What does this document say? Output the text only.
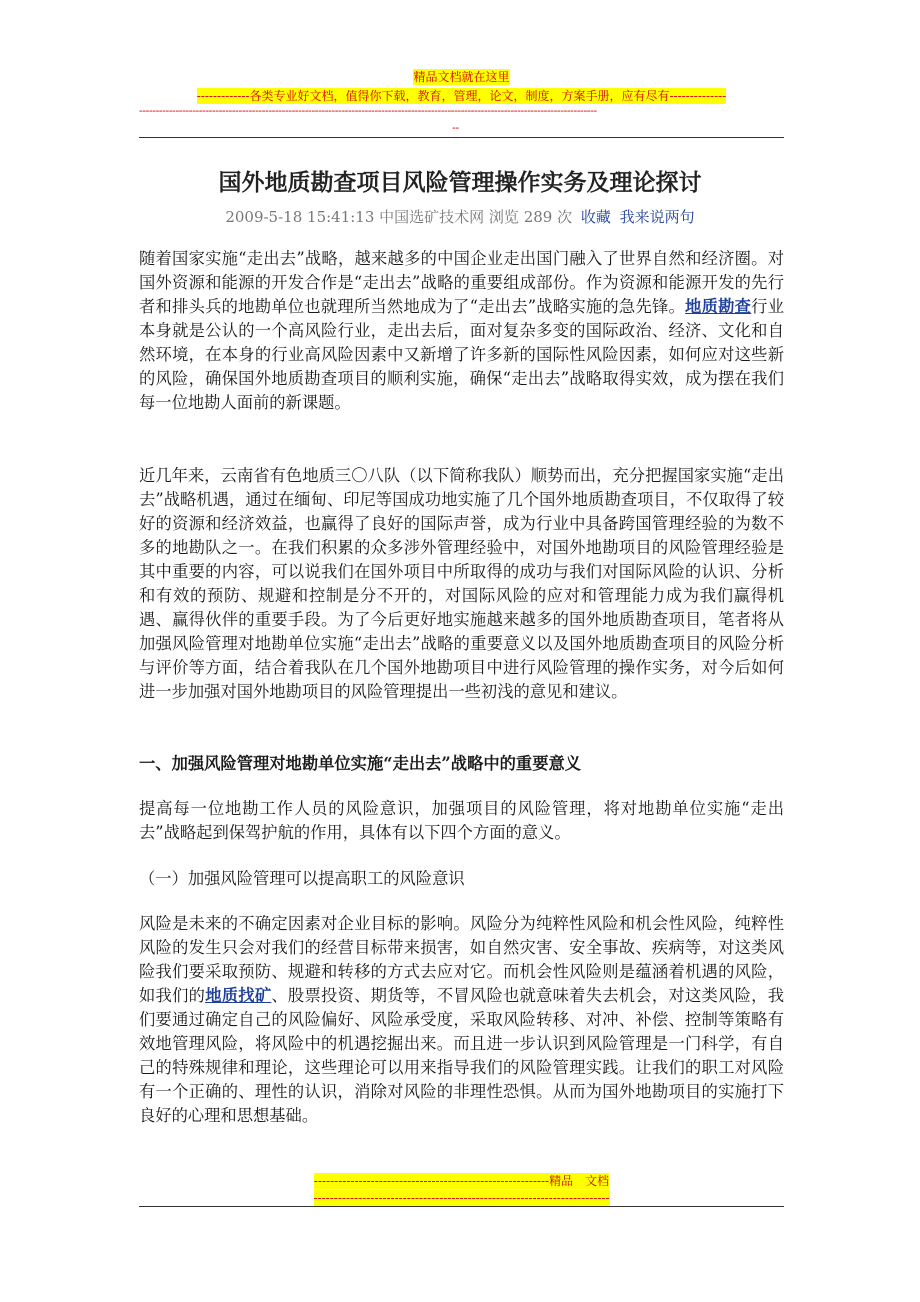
精品文档就在这里
-------------各类专业好文档，值得你下载，教育，管理，论文，制度，方案手册，应有尽有--------------
------------------------------------------------------------------------------------------------------------------------------------------
--
国外地质勘查项目风险管理操作实务及理论探讨
2009-5-18 15:41:13 中国选矿技术网 浏览 289 次 收藏 我来说两句

随着国家实施“走出去”战略，越来越多的中国企业走出国门融入了世界自然和经济圈。对国外资源和能源的开发合作是“走出去”战略的重要组成部份。作为资源和能源开发的先行者和排头兵的地勘单位也就理所当然地成为了“走出去”战略实施的急先锋。地质勘查行业本身就是公认的一个高风险行业，走出去后，面对复杂多变的国际政治、经济、文化和自然环境，在本身的行业高风险因素中又新增了许多新的国际性风险因素，如何应对这些新的风险，确保国外地质勘查项目的顺利实施，确保“走出去”战略取得实效，成为摆在我们每一位地勘人面前的新课题。

近几年来，云南省有色地质三〇八队（以下简称我队）顺势而出，充分把握国家实施“走出去”战略机遇，通过在缅甸、印尼等国成功地实施了几个国外地质勘查项目，不仅取得了较好的资源和经济效益，也赢得了良好的国际声誉，成为行业中具备跨国管理经验的为数不多的地勘队之一。在我们积累的众多涉外管理经验中，对国外地勘项目的风险管理经验是其中重要的内容，可以说我们在国外项目中所取得的成功与我们对国际风险的认识、分析和有效的预防、规避和控制是分不开的，对国际风险的应对和管理能力成为我们赢得机遇、赢得伙伴的重要手段。为了今后更好地实施越来越多的国外地质勘查项目，笔者将从加强风险管理对地勘单位实施“走出去”战略的重要意义以及国外地质勘查项目的风险分析与评价等方面，结合着我队在几个国外地勘项目中进行风险管理的操作实务，对今后如何进一步加强对国外地勘项目的风险管理提出一些初浅的意见和建议。

一、加强风险管理对地勘单位实施“走出去”战略中的重要意义

提高每一位地勘工作人员的风险意识，加强项目的风险管理，将对地勘单位实施“走出去”战略起到保驾护航的作用，具体有以下四个方面的意义。

（一）加强风险管理可以提高职工的风险意识

风险是未来的不确定因素对企业目标的影响。风险分为纯粹性风险和机会性风险，纯粹性风险的发生只会对我们的经营目标带来损害，如自然灾害、安全事故、疾病等，对这类风险我们要采取预防、规避和转移的方式去应对它。而机会性风险则是蕴涵着机遇的风险，如我们的地质找矿、股票投资、期货等，不冒风险也就意味着失去机会，对这类风险，我们要通过确定自己的风险偏好、风险承受度，采取风险转移、对冲、补偿、控制等策略有效地管理风险，将风险中的机遇挖掘出来。而且进一步认识到风险管理是一门科学，有自己的特殊规律和理论，这些理论可以用来指导我们的风险管理实践。让我们的职工对风险有一个正确的、理性的认识，消除对风险的非理性恐惧。从而为国外地勘项目的实施打下良好的心理和思想基础。

----------------------------------------------------------精品　文档
-------------------------------------------------------------------------
